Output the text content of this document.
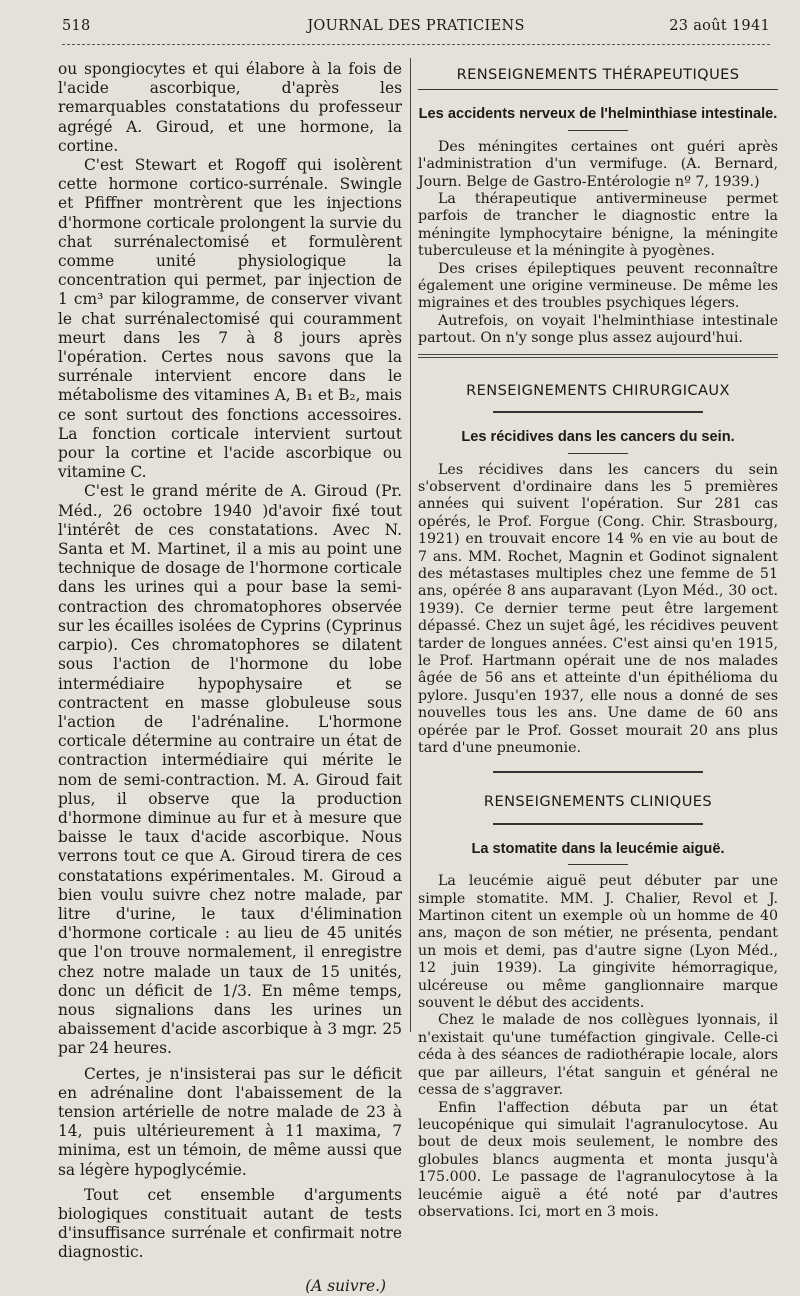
518	JOURNAL DES PRATICIENS	23 août 1941

ou spongiocytes et qui élabore à la fois de l'acide ascorbique, d'après les remarquables constatations du professeur agrégé A. Giroud, et une hormone, la cortine.

C'est Stewart et Rogoff qui isolèrent cette hormone cortico-surrénale. Swingle et Pfiffner montrèrent que les injections d'hormone corticale prolongent la survie du chat surrénalectomisé et formulèrent comme unité physiologique la concentration qui permet, par injection de 1 cm³ par kilogramme, de conserver vivant le chat surrénalectomisé qui couramment meurt dans les 7 à 8 jours après l'opération. Certes nous savons que la surrénale intervient encore dans le métabolisme des vitamines A, B₁ et B₂, mais ce sont surtout des fonctions accessoires. La fonction corticale intervient surtout pour la cortine et l'acide ascorbique ou vitamine C.

C'est le grand mérite de A. Giroud (Pr. Méd., 26 octobre 1940 )d'avoir fixé tout l'intérêt de ces constatations. Avec N. Santa et M. Martinet, il a mis au point une technique de dosage de l'hormone corticale dans les urines qui a pour base la semi-contraction des chromatophores observée sur les écailles isolées de Cyprins (Cyprinus carpio). Ces chromatophores se dilatent sous l'action de l'hormone du lobe intermédiaire hypophysaire et se contractent en masse globuleuse sous l'action de l'adrénaline. L'hormone corticale détermine au contraire un état de contraction intermédiaire qui mérite le nom de semi-contraction. M. A. Giroud fait plus, il observe que la production d'hormone diminue au fur et à mesure que baisse le taux d'acide ascorbique. Nous verrons tout ce que A. Giroud tirera de ces constatations expérimentales. M. Giroud a bien voulu suivre chez notre malade, par litre d'urine, le taux d'élimination d'hormone corticale : au lieu de 45 unités que l'on trouve normalement, il enregistre chez notre malade un taux de 15 unités, donc un déficit de 1/3. En même temps, nous signalions dans les urines un abaissement d'acide ascorbique à 3 mgr. 25 par 24 heures.

Certes, je n'insisterai pas sur le déficit en adrénaline dont l'abaissement de la tension artérielle de notre malade de 23 à 14, puis ultérieurement à 11 maxima, 7 minima, est un témoin, de même aussi que sa légère hypoglycémie.

Tout cet ensemble d'arguments biologiques constituait autant de tests d'insuffisance surrénale et confirmait notre diagnostic.

(A suivre.)
RENSEIGNEMENTS THÉRAPEUTIQUES
Les accidents nerveux de l'helminthiase intestinale.

Des méningites certaines ont guéri après l'administration d'un vermifuge. (A. Bernard, Journ. Belge de Gastro-Entérologie nº 7, 1939.)

La thérapeutique antivermineuse permet parfois de trancher le diagnostic entre la méningite lymphocytaire bénigne, la méningite tuberculeuse et la méningite à pyogènes.

Des crises épileptiques peuvent reconnaître également une origine vermineuse. De même les migraines et des troubles psychiques légers.

Autrefois, on voyait l'helminthiase intestinale partout. On n'y songe plus assez aujourd'hui.

RENSEIGNEMENTS CHIRURGICAUX
Les récidives dans les cancers du sein.

Les récidives dans les cancers du sein s'observent d'ordinaire dans les 5 premières années qui suivent l'opération. Sur 281 cas opérés, le Prof. Forgue (Cong. Chir. Strasbourg, 1921) en trouvait encore 14 % en vie au bout de 7 ans. MM. Rochet, Magnin et Godinot signalent des métastases multiples chez une femme de 51 ans, opérée 8 ans auparavant (Lyon Méd., 30 oct. 1939). Ce dernier terme peut être largement dépassé. Chez un sujet âgé, les récidives peuvent tarder de longues années. C'est ainsi qu'en 1915, le Prof. Hartmann opérait une de nos malades âgée de 56 ans et atteinte d'un épithélioma du pylore. Jusqu'en 1937, elle nous a donné de ses nouvelles tous les ans. Une dame de 60 ans opérée par le Prof. Gosset mourait 20 ans plus tard d'une pneumonie.

RENSEIGNEMENTS CLINIQUES
La stomatite dans la leucémie aiguë.

La leucémie aiguë peut débuter par une simple stomatite. MM. J. Chalier, Revol et J. Martinon citent un exemple où un homme de 40 ans, maçon de son métier, ne présenta, pendant un mois et demi, pas d'autre signe (Lyon Méd., 12 juin 1939). La gingivite hémorragique, ulcéreuse ou même ganglionnaire marque souvent le début des accidents.

Chez le malade de nos collègues lyonnais, il n'existait qu'une tuméfaction gingivale. Celle-ci céda à des séances de radiothérapie locale, alors que par ailleurs, l'état sanguin et général ne cessa de s'aggraver.

Enfin l'affection débuta par un état leucopénique qui simulait l'agranulocytose. Au bout de deux mois seulement, le nombre des globules blancs augmenta et monta jusqu'à 175.000. Le passage de l'agranulocytose à la leucémie aiguë a été noté par d'autres observations. Ici, mort en 3 mois.
